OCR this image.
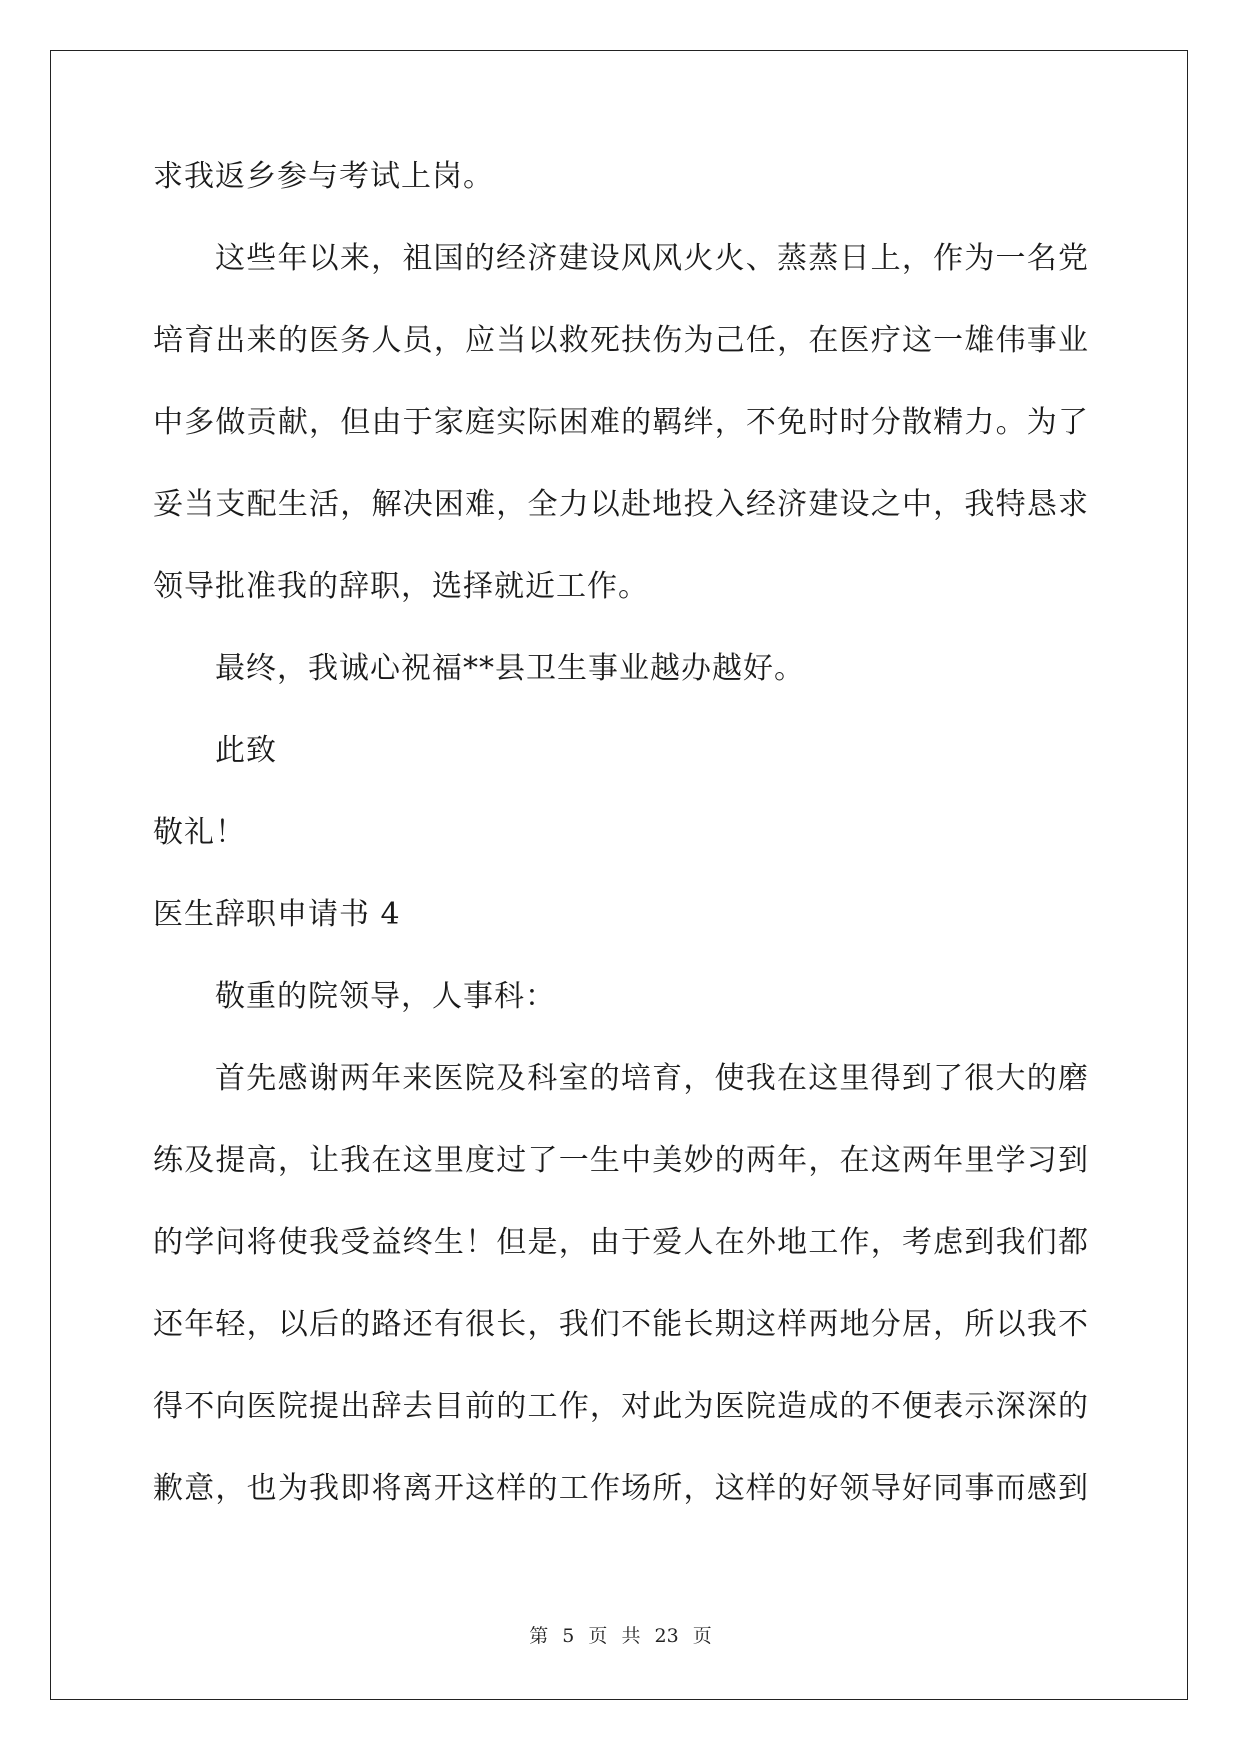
求我返乡参与考试上岗。
这些年以来，祖国的经济建设风风火火、蒸蒸日上，作为一名党
培育出来的医务人员，应当以救死扶伤为己任，在医疗这一雄伟事业
中多做贡献，但由于家庭实际困难的羁绊，不免时时分散精力。为了
妥当支配生活，解决困难，全力以赴地投入经济建设之中，我特恳求
领导批准我的辞职，选择就近工作。
最终，我诚心祝福**县卫生事业越办越好。
此致
敬礼！
医生辞职申请书 4
敬重的院领导，人事科：
首先感谢两年来医院及科室的培育，使我在这里得到了很大的磨
练及提高，让我在这里度过了一生中美妙的两年，在这两年里学习到
的学问将使我受益终生！但是，由于爱人在外地工作，考虑到我们都
还年轻，以后的路还有很长，我们不能长期这样两地分居，所以我不
得不向医院提出辞去目前的工作，对此为医院造成的不便表示深深的
歉意，也为我即将离开这样的工作场所，这样的好领导好同事而感到
第 5 页 共 23 页
